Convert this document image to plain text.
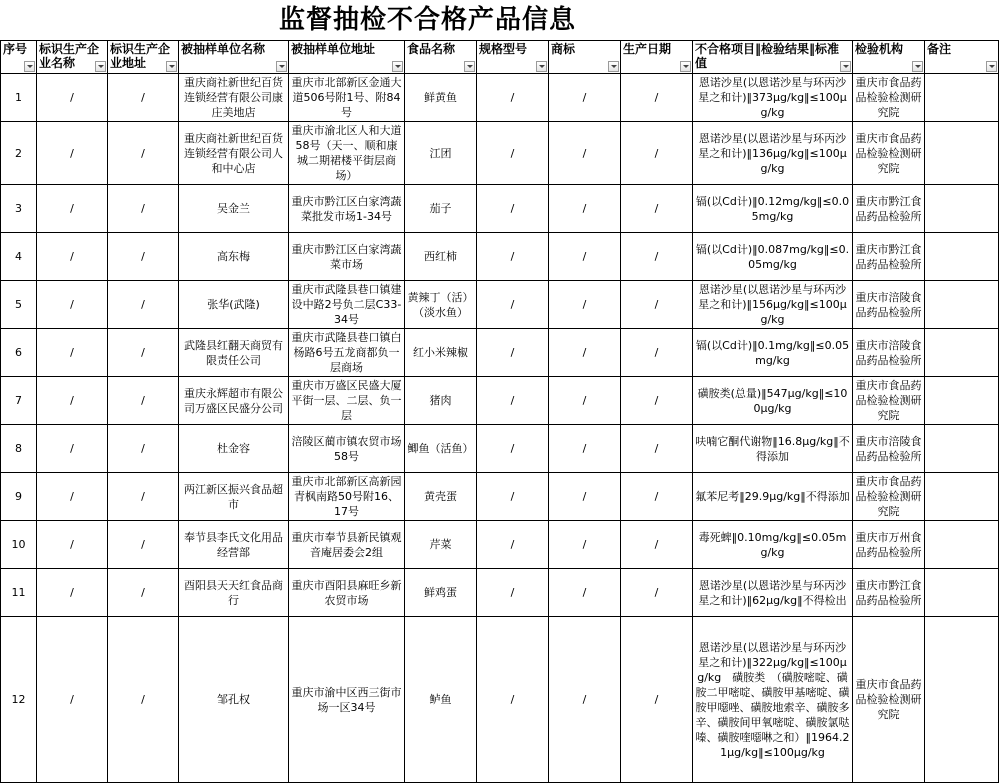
监督抽检不合格产品信息
序号	标识生产企业名称	标识生产企业地址	被抽样单位名称	被抽样单位地址	食品名称	规格型号	商标	生产日期	不合格项目‖检验结果‖标准值	检验机构	备注

1	/	/	重庆商社新世纪百货连锁经营有限公司康庄美地店	重庆市北部新区金通大道506号附1号、附84号	鲜黄鱼	/	/	/	恩诺沙星(以恩诺沙星与环丙沙星之和计)‖373μg/kg‖≤100μg/kg	重庆市食品药品检验检测研究院	
2	/	/	重庆商社新世纪百货连锁经营有限公司人和中心店	重庆市渝北区人和大道58号（天一、顺和康城二期裙楼平街层商场）	江团	/	/	/	恩诺沙星(以恩诺沙星与环丙沙星之和计)‖136μg/kg‖≤100μg/kg	重庆市食品药品检验检测研究院	
3	/	/	吴金兰	重庆市黔江区白家湾蔬菜批发市场1-34号	茄子	/	/	/	镉(以Cd计)‖0.12mg/kg‖≤0.05mg/kg	重庆市黔江食品药品检验所	
4	/	/	高东梅	重庆市黔江区白家湾蔬菜市场	西红柿	/	/	/	镉(以Cd计)‖0.087mg/kg‖≤0.05mg/kg	重庆市黔江食品药品检验所	
5	/	/	张华(武隆)	重庆市武隆县巷口镇建设中路2号负二层C33-34号	黄辣丁（活）（淡水鱼）	/	/	/	恩诺沙星(以恩诺沙星与环丙沙星之和计)‖156μg/kg‖≤100μg/kg	重庆市涪陵食品药品检验所	
6	/	/	武隆县红翻天商贸有限责任公司	重庆市武隆县巷口镇白杨路6号五龙商都负一层商场	红小米辣椒	/	/	/	镉(以Cd计)‖0.1mg/kg‖≤0.05mg/kg	重庆市涪陵食品药品检验所	
7	/	/	重庆永辉超市有限公司万盛区民盛分公司	重庆市万盛区民盛大厦平街一层、二层、负一层	猪肉	/	/	/	磺胺类(总量)‖547μg/kg‖≤100μg/kg	重庆市食品药品检验检测研究院	
8	/	/	杜金容	涪陵区蔺市镇农贸市场58号	鲫鱼（活鱼）	/	/	/	呋喃它酮代谢物‖16.8μg/kg‖不得添加	重庆市涪陵食品药品检验所	
9	/	/	两江新区振兴食品超市	重庆市北部新区高新园青枫南路50号附16、17号	黄壳蛋	/	/	/	氟苯尼考‖29.9μg/kg‖不得添加	重庆市食品药品检验检测研究院	
10	/	/	奉节县李氏文化用品经营部	重庆市奉节县新民镇观音庵居委会2组	芹菜	/	/	/	毒死蜱‖0.10mg/kg‖≤0.05mg/kg	重庆市万州食品药品检验所	
11	/	/	酉阳县天天红食品商行	重庆市酉阳县麻旺乡新农贸市场	鲜鸡蛋	/	/	/	恩诺沙星(以恩诺沙星与环丙沙星之和计)‖62μg/kg‖不得检出	重庆市黔江食品药品检验所	
12	/	/	邹孔权	重庆市渝中区西三街市场一区34号	鲈鱼	/	/	/	恩诺沙星(以恩诺沙星与环丙沙星之和计)‖322μg/kg‖≤100μg/kg　磺胺类　（磺胺嘧啶、磺胺二甲嘧啶、磺胺甲基嘧啶、磺胺甲噁唑、磺胺地索辛、磺胺多辛、磺胺间甲氧嘧啶、磺胺氯哒嗪、磺胺喹噁啉之和）‖1964.21μg/kg‖≤100μg/kg	重庆市食品药品检验检测研究院	
